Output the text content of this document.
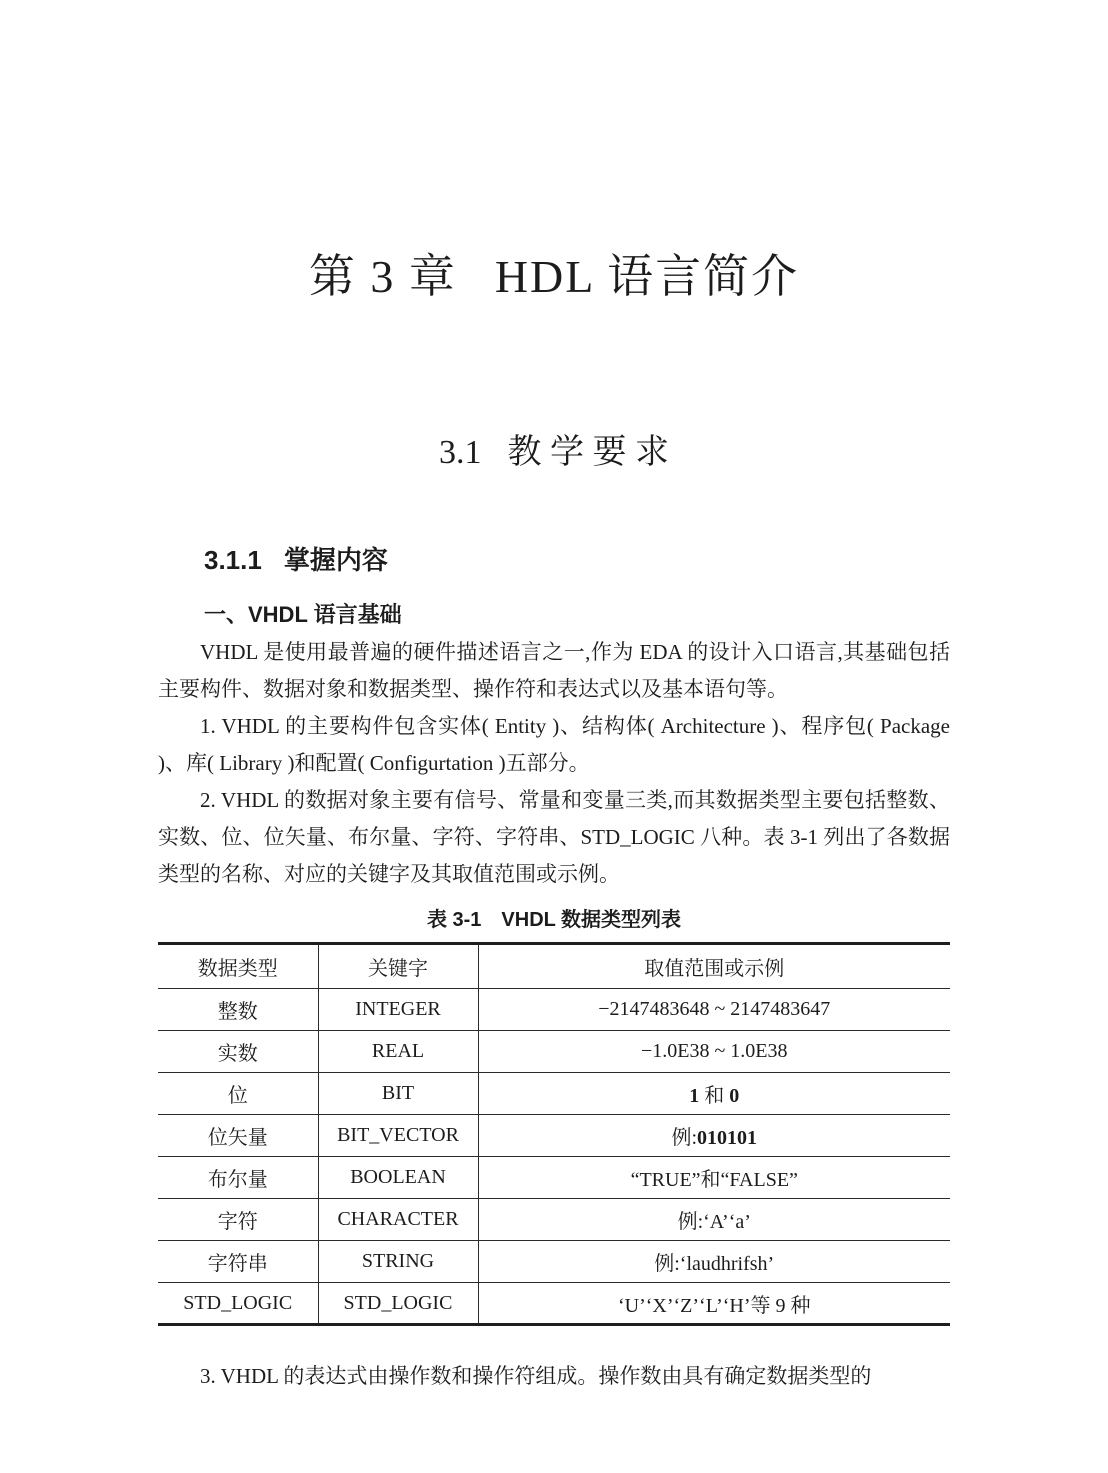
第 3 章 HDL 语言简介
3.1 教 学 要 求
3.1.1 掌握内容
一、VHDL 语言基础

VHDL 是使用最普遍的硬件描述语言之一,作为 EDA 的设计入口语言,其基础包括主要构件、数据对象和数据类型、操作符和表达式以及基本语句等。

1. VHDL 的主要构件包含实体( Entity )、结构体( Architecture )、程序包( Package )、库( Library )和配置( Configurtation )五部分。

2. VHDL 的数据对象主要有信号、常量和变量三类,而其数据类型主要包括整数、实数、位、位矢量、布尔量、字符、字符串、STD_LOGIC 八种。表 3-1 列出了各数据类型的名称、对应的关键字及其取值范围或示例。

表 3-1 VHDL 数据类型列表
数据类型	关键字	取值范围或示例
整数	INTEGER	−2147483648 ~ 2147483647
实数	REAL	−1.0E38 ~ 1.0E38
位	BIT	1 和 0
位矢量	BIT_VECTOR	例:010101
布尔量	BOOLEAN	“TRUE”和“FALSE”
字符	CHARACTER	例:‘A’‘a’
字符串	STRING	例:‘laudhrifsh’
STD_LOGIC	STD_LOGIC	‘U’‘X’‘Z’‘L’‘H’等 9 种

3. VHDL 的表达式由操作数和操作符组成。操作数由具有确定数据类型的
